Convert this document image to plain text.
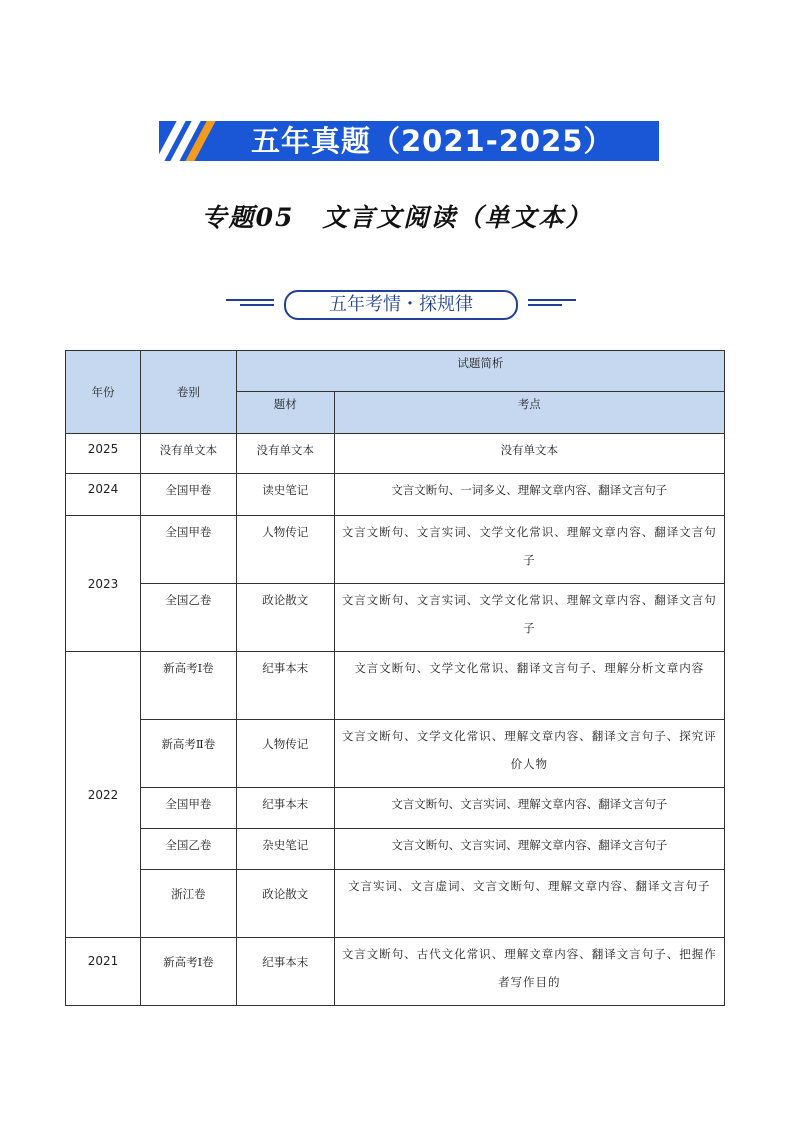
五年真题（2021-2025）
专题05 文言文阅读（单文本）
五年考情・探规律
年份	卷别	试题简析	
		题材	考点
2025	没有单文本	没有单文本	没有单文本
2024	全国甲卷	读史笔记	文言文断句、一词多义、理解文章内容、翻译文言句子
2023	全国甲卷	人物传记	文言文断句、文言实词、文学文化常识、理解文章内容、翻译文言句子
	全国乙卷	政论散文	文言文断句、文言实词、文学文化常识、理解文章内容、翻译文言句子
2022	新高考Ⅰ卷	纪事本末	文言文断句、文学文化常识、翻译文言句子、理解分析文章内容
	新高考Ⅱ卷	人物传记	文言文断句、文学文化常识、理解文章内容、翻译文言句子、探究评价人物
	全国甲卷	纪事本末	文言文断句、文言实词、理解文章内容、翻译文言句子
	全国乙卷	杂史笔记	文言文断句、文言实词、理解文章内容、翻译文言句子
	浙江卷	政论散文	文言实词、文言虚词、文言文断句、理解文章内容、翻译文言句子
2021	新高考Ⅰ卷	纪事本末	文言文断句、古代文化常识、理解文章内容、翻译文言句子、把握作者写作目的
